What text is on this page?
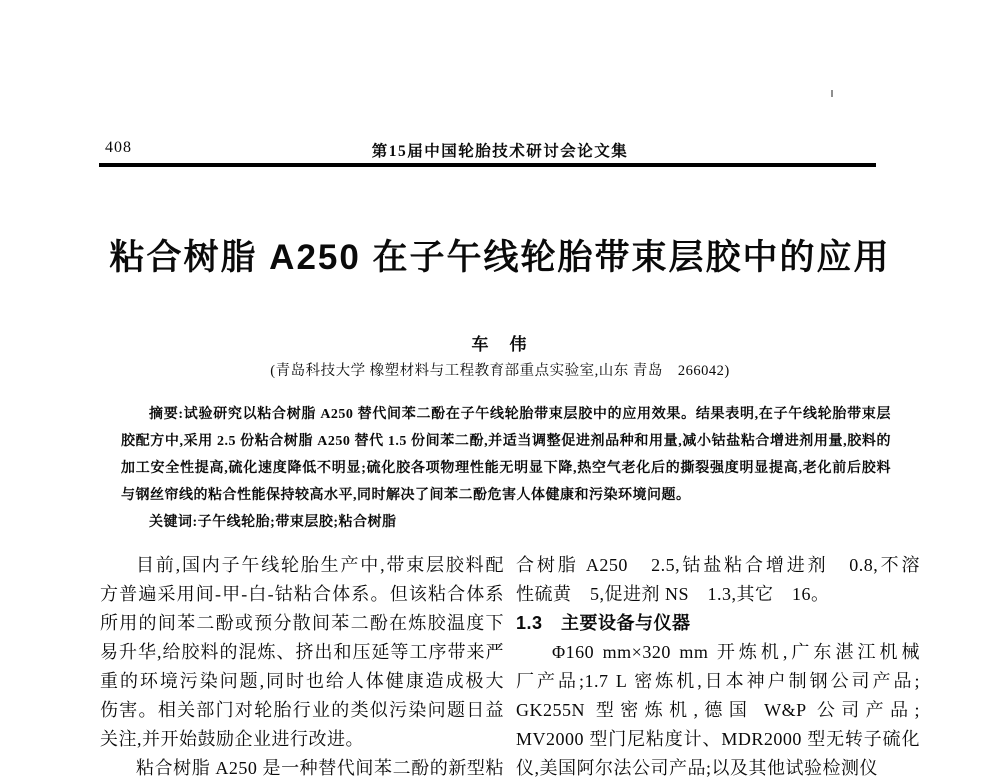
408	第15届中国轮胎技术研讨会论文集
粘合树脂 A250 在子午线轮胎带束层胶中的应用
车　伟
(青岛科技大学 橡塑材料与工程教育部重点实验室,山东 青岛　266042)

摘要:试验研究以粘合树脂 A250 替代间苯二酚在子午线轮胎带束层胶中的应用效果。结果表明,在子午线轮胎带束层胶配方中,采用 2.5 份粘合树脂 A250 替代 1.5 份间苯二酚,并适当调整促进剂品种和用量,减小钴盐粘合增进剂用量,胶料的加工安全性提高,硫化速度降低不明显;硫化胶各项物理性能无明显下降,热空气老化后的撕裂强度明显提高,老化前后胶料与钢丝帘线的粘合性能保持较高水平,同时解决了间苯二酚危害人体健康和污染环境问题。

关键词:子午线轮胎;带束层胶;粘合树脂

目前,国内子午线轮胎生产中,带束层胶料配
方普遍采用间-甲-白-钴粘合体系。但该粘合体系
所用的间苯二酚或预分散间苯二酚在炼胶温度下
易升华,给胶料的混炼、挤出和压延等工序带来严
重的环境污染问题,同时也给人体健康造成极大
伤害。相关部门对轮胎行业的类似污染问题日益
关注,并开始鼓励企业进行改进。
粘合树脂 A250 是一种替代间苯二酚的新型粘
合树脂 A250　2.5,钴盐粘合增进剂　0.8,不溶
性硫黄　5,促进剂 NS　1.3,其它　16。
1.3　主要设备与仪器
Φ160 mm×320 mm 开炼机,广东湛江机械
厂产品;1.7 L 密炼机,日本神户制钢公司产品;
GK255N 型密炼机,德国 W&P 公司产品;
MV2000 型门尼粘度计、MDR2000 型无转子硫化
仪,美国阿尔法公司产品;以及其他试验检测仪
